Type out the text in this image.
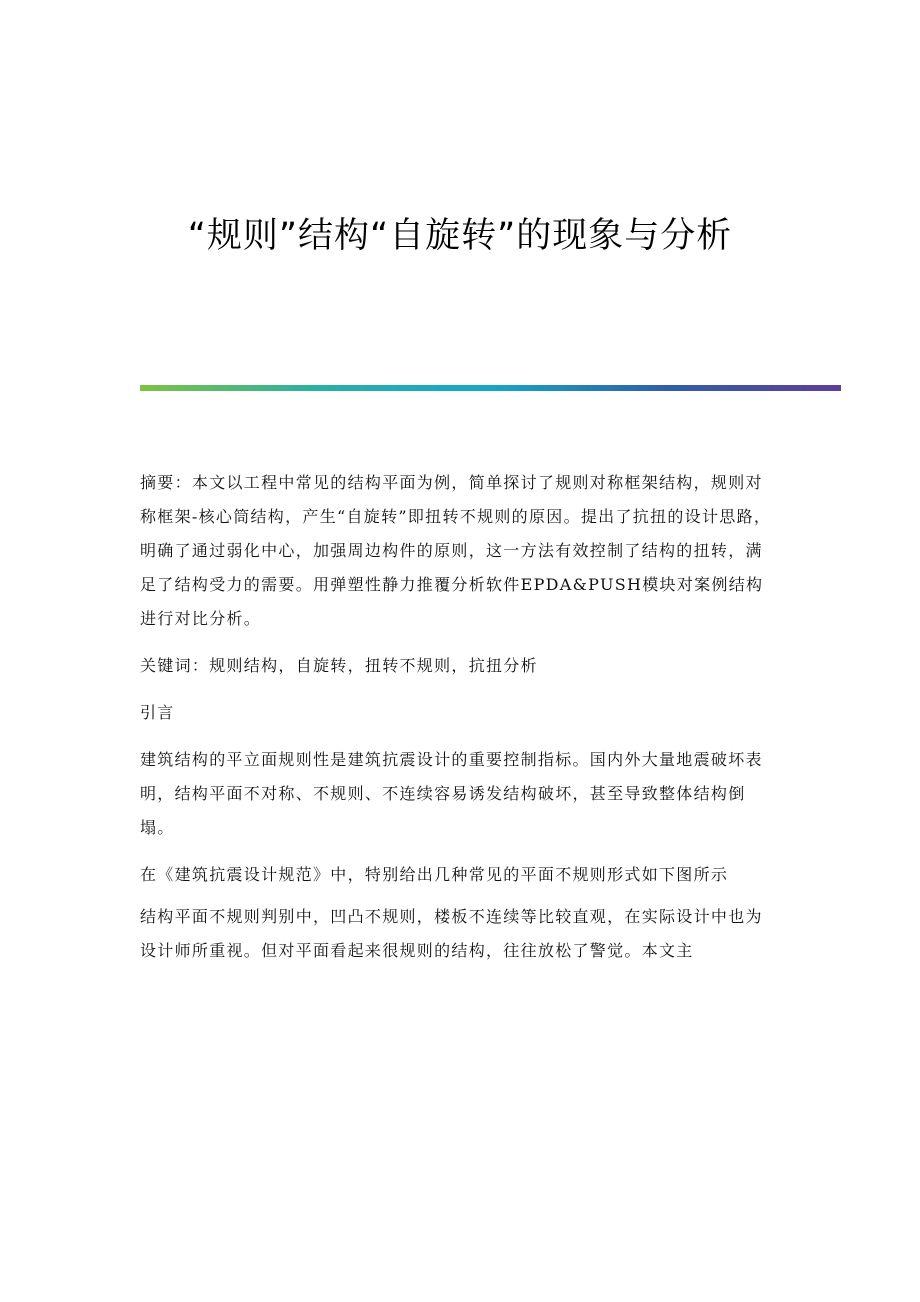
“规则”结构“自旋转”的现象与分析

摘要：本文以工程中常见的结构平面为例，简单探讨了规则对称框架结构，规则对称框架-核心筒结构，产生“自旋转”即扭转不规则的原因。提出了抗扭的设计思路，明确了通过弱化中心，加强周边构件的原则，这一方法有效控制了结构的扭转，满足了结构受力的需要。用弹塑性静力推覆分析软件EPDA&PUSH模块对案例结构进行对比分析。

关键词：规则结构，自旋转，扭转不规则，抗扭分析

引言

建筑结构的平立面规则性是建筑抗震设计的重要控制指标。国内外大量地震破坏表明，结构平面不对称、不规则、不连续容易诱发结构破坏，甚至导致整体结构倒塌。

在《建筑抗震设计规范》中，特别给出几种常见的平面不规则形式如下图所示

结构平面不规则判别中，凹凸不规则，楼板不连续等比较直观，在实际设计中也为设计师所重视。但对平面看起来很规则的结构，往往放松了警觉。本文主
